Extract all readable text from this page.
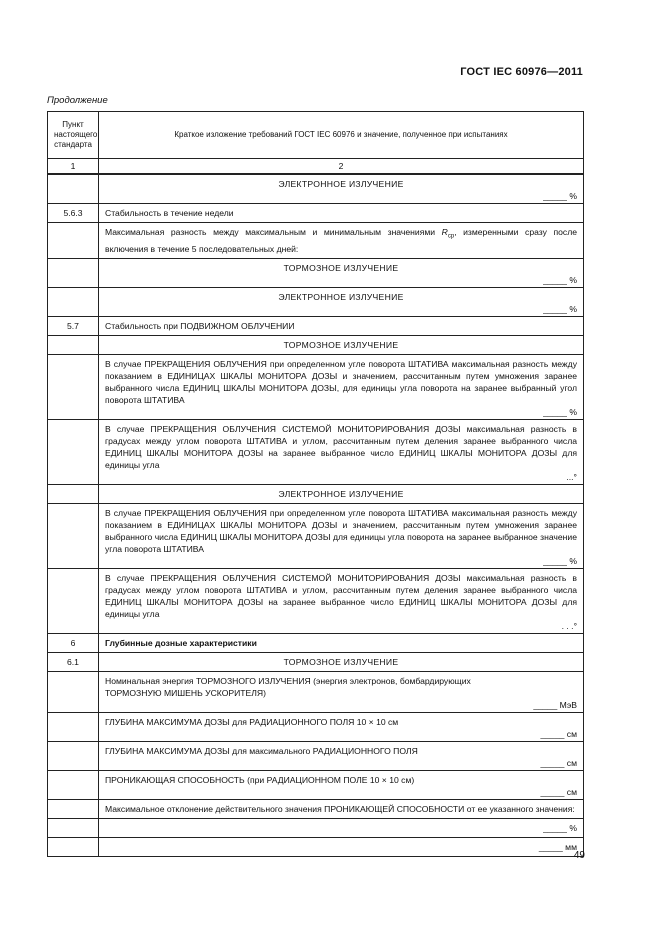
ГОСТ IEC 60976—2011
Продолжение
Пункт настоящего стандарта	Краткое изложение требований ГОСТ IEC 60976 и значение, полученное при испытаниях
1	2

	ЭЛЕКТРОННОЕ ИЗЛУЧЕНИЕ
_____ %

5.6.3	Стабильность в течение недели
	Максимальная разность между максимальным и минимальным значениями $R_{ср}$, измеренными сразу после включения в течение 5 последовательных дней:

	ТОРМОЗНОЕ ИЗЛУЧЕНИЕ
_____ %

	ЭЛЕКТРОННОЕ ИЗЛУЧЕНИЕ
_____ %

5.7	Стабильность при ПОДВИЖНОМ ОБЛУЧЕНИИ
	ТОРМОЗНОЕ ИЗЛУЧЕНИЕ

	В случае ПРЕКРАЩЕНИЯ ОБЛУЧЕНИЯ при определенном угле поворота ШТАТИВА максимальная разность между показанием в ЕДИНИЦАХ ШКАЛЫ МОНИТОРА ДОЗЫ и значением, рассчитанным путем умножения заранее выбранного числа ЕДИНИЦ ШКАЛЫ МОНИТОРА ДОЗЫ, для единицы угла поворота на заранее выбранный угол поворота ШТАТИВА
_____ %

	В случае ПРЕКРАЩЕНИЯ ОБЛУЧЕНИЯ СИСТЕМОЙ МОНИТОРИРОВАНИЯ ДОЗЫ максимальная разность в градусах между углом поворота ШТАТИВА и углом, рассчитанным путем деления заранее выбранного числа ЕДИНИЦ ШКАЛЫ МОНИТОРА ДОЗЫ на заранее выбранное число ЕДИНИЦ ШКАЛЫ МОНИТОРА ДОЗЫ для единицы угла
...°

	ЭЛЕКТРОННОЕ ИЗЛУЧЕНИЕ

	В случае ПРЕКРАЩЕНИЯ ОБЛУЧЕНИЯ при определенном угле поворота ШТАТИВА максимальная разность между показанием в ЕДИНИЦАХ ШКАЛЫ МОНИТОРА ДОЗЫ и значением, рассчитанным путем умножения заранее выбранного числа ЕДИНИЦ ШКАЛЫ МОНИТОРА ДОЗЫ для единицы угла поворота на заранее выбранное значение угла поворота ШТАТИВА
_____ %

	В случае ПРЕКРАЩЕНИЯ ОБЛУЧЕНИЯ СИСТЕМОЙ МОНИТОРИРОВАНИЯ ДОЗЫ максимальная разность в градусах между углом поворота ШТАТИВА и углом, рассчитанным путем деления заранее выбранного числа ЕДИНИЦ ШКАЛЫ МОНИТОРА ДОЗЫ на заранее выбранное число ЕДИНИЦ ШКАЛЫ МОНИТОРА ДОЗЫ для единицы угла
. . .°

6	Глубинные дозные характеристики
6.1	ТОРМОЗНОЕ ИЗЛУЧЕНИЕ

	Номинальная энергия ТОРМОЗНОГО ИЗЛУЧЕНИЯ (энергия электронов, бомбардирующих ТОРМОЗНУЮ МИШЕНЬ УСКОРИТЕЛЯ)
_____ МэВ

	ГЛУБИНА МАКСИМУМА ДОЗЫ для РАДИАЦИОННОГО ПОЛЯ 10 × 10 см
_____ см

	ГЛУБИНА МАКСИМУМА ДОЗЫ для максимального РАДИАЦИОННОГО ПОЛЯ
_____ см

	ПРОНИКАЮЩАЯ СПОСОБНОСТЬ (при РАДИАЦИОННОМ ПОЛЕ 10 × 10 см)
_____ см

	Максимальное отклонение действительного значения ПРОНИКАЮЩЕЙ СПОСОБНОСТИ от ее указанного значения:
	_____ %
	_____ мм
49
